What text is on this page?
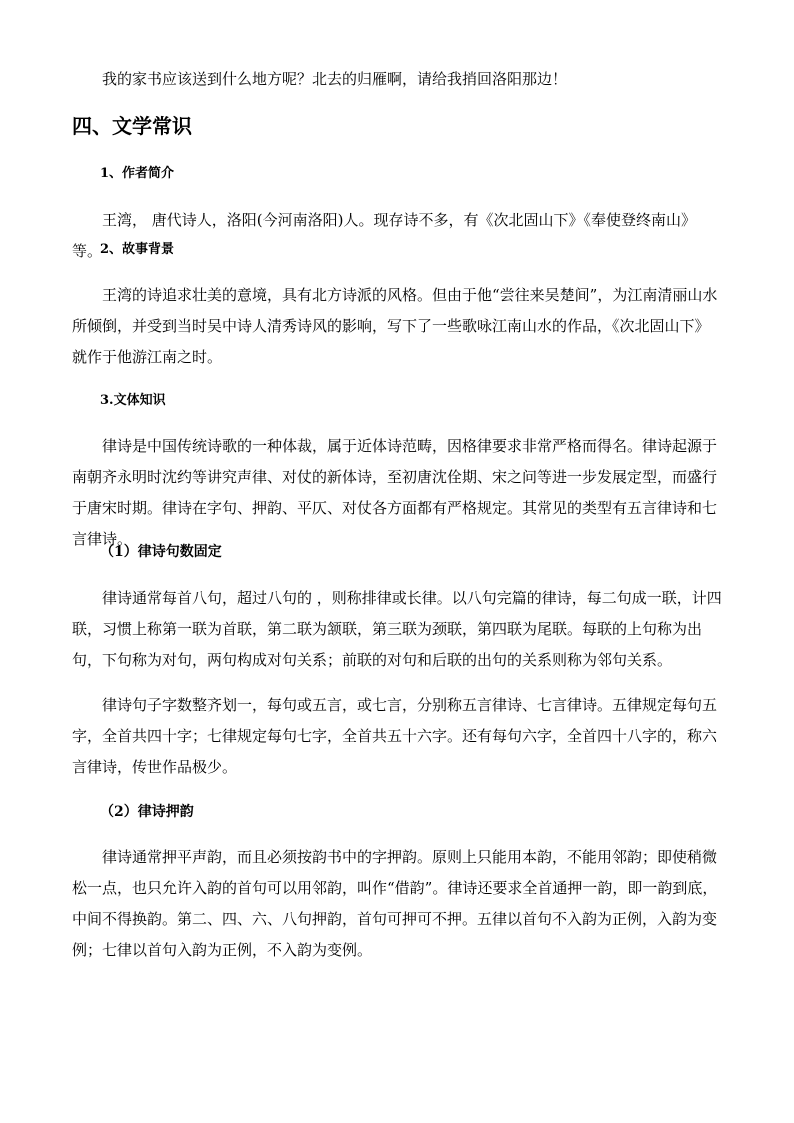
我的家书应该送到什么地方呢？北去的归雁啊，请给我捎回洛阳那边！

四、文学常识
1、作者简介

王湾， 唐代诗人，洛阳(今河南洛阳)人。现存诗不多，有《次北固山下》《奉使登终南山》等。

2、故事背景

王湾的诗追求壮美的意境，具有北方诗派的风格。但由于他“尝往来吴楚间”，为江南清丽山水所倾倒，并受到当时吴中诗人清秀诗风的影响，写下了一些歌咏江南山水的作品，《次北固山下》就作于他游江南之时。

3.文体知识

律诗是中国传统诗歌的一种体裁，属于近体诗范畴，因格律要求非常严格而得名。律诗起源于南朝齐永明时沈约等讲究声律、对仗的新体诗，至初唐沈佺期、宋之问等进一步发展定型，而盛行于唐宋时期。律诗在字句、押韵、平仄、对仗各方面都有严格规定。其常见的类型有五言律诗和七言律诗。

（1）律诗句数固定

律诗通常每首八句，超过八句的 ，则称排律或长律。以八句完篇的律诗，每二句成一联，计四联，习惯上称第一联为首联，第二联为颔联，第三联为颈联，第四联为尾联。每联的上句称为出句，下句称为对句，两句构成对句关系；前联的对句和后联的出句的关系则称为邻句关系。

律诗句子字数整齐划一，每句或五言，或七言，分别称五言律诗、七言律诗。五律规定每句五字，全首共四十字；七律规定每句七字，全首共五十六字。还有每句六字，全首四十八字的，称六言律诗，传世作品极少。

（2）律诗押韵

律诗通常押平声韵，而且必须按韵书中的字押韵。原则上只能用本韵，不能用邻韵；即使稍微松一点，也只允许入韵的首句可以用邻韵，叫作“借韵”。律诗还要求全首通押一韵，即一韵到底，中间不得换韵。第二、四、六、八句押韵，首句可押可不押。五律以首句不入韵为正例，入韵为变例；七律以首句入韵为正例，不入韵为变例。
